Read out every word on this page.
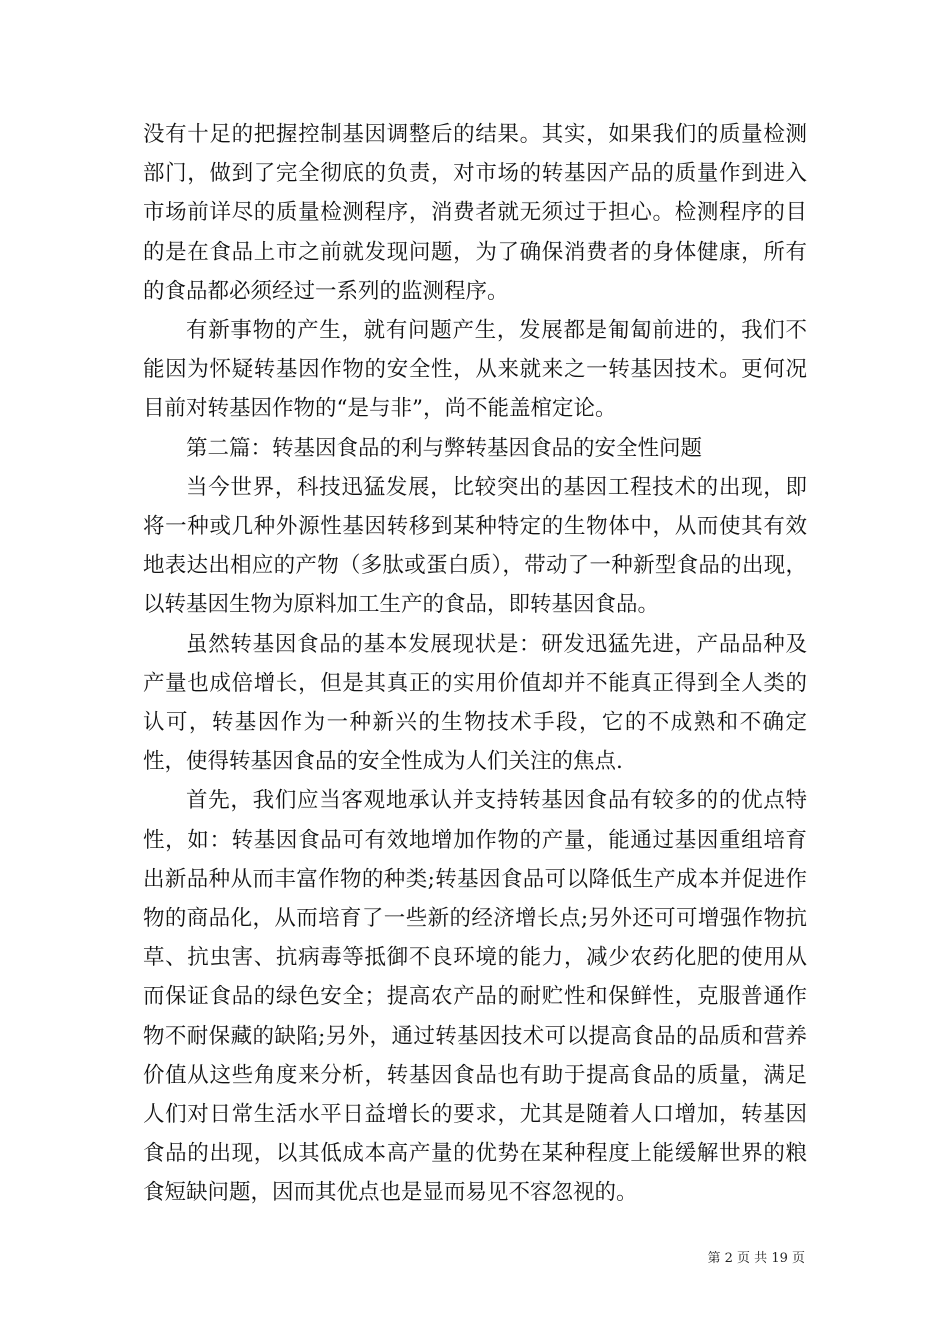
没有十足的把握控制基因调整后的结果。其实，如果我们的质量检测部门，做到了完全彻底的负责，对市场的转基因产品的质量作到进入市场前详尽的质量检测程序，消费者就无须过于担心。检测程序的目的是在食品上市之前就发现问题，为了确保消费者的身体健康，所有的食品都必须经过一系列的监测程序。

有新事物的产生，就有问题产生，发展都是匍匐前进的，我们不能因为怀疑转基因作物的安全性，从来就来之一转基因技术。更何况目前对转基因作物的“是与非”，尚不能盖棺定论。

第二篇：转基因食品的利与弊转基因食品的安全性问题

当今世界，科技迅猛发展，比较突出的基因工程技术的出现，即将一种或几种外源性基因转移到某种特定的生物体中，从而使其有效地表达出相应的产物（多肽或蛋白质），带动了一种新型食品的出现，以转基因生物为原料加工生产的食品，即转基因食品。

虽然转基因食品的基本发展现状是：研发迅猛先进，产品品种及产量也成倍增长，但是其真正的实用价值却并不能真正得到全人类的认可，转基因作为一种新兴的生物技术手段，它的不成熟和不确定性，使得转基因食品的安全性成为人们关注的焦点.

首先，我们应当客观地承认并支持转基因食品有较多的的优点特性，如：转基因食品可有效地增加作物的产量，能通过基因重组培育出新品种从而丰富作物的种类;转基因食品可以降低生产成本并促进作物的商品化，从而培育了一些新的经济增长点;另外还可可增强作物抗草、抗虫害、抗病毒等抵御不良环境的能力，减少农药化肥的使用从而保证食品的绿色安全；提高农产品的耐贮性和保鲜性，克服普通作物不耐保藏的缺陷;另外，通过转基因技术可以提高食品的品质和营养价值从这些角度来分析，转基因食品也有助于提高食品的质量，满足人们对日常生活水平日益增长的要求，尤其是随着人口增加，转基因食品的出现，以其低成本高产量的优势在某种程度上能缓解世界的粮食短缺问题，因而其优点也是显而易见不容忽视的。

第 2 页 共 19 页
